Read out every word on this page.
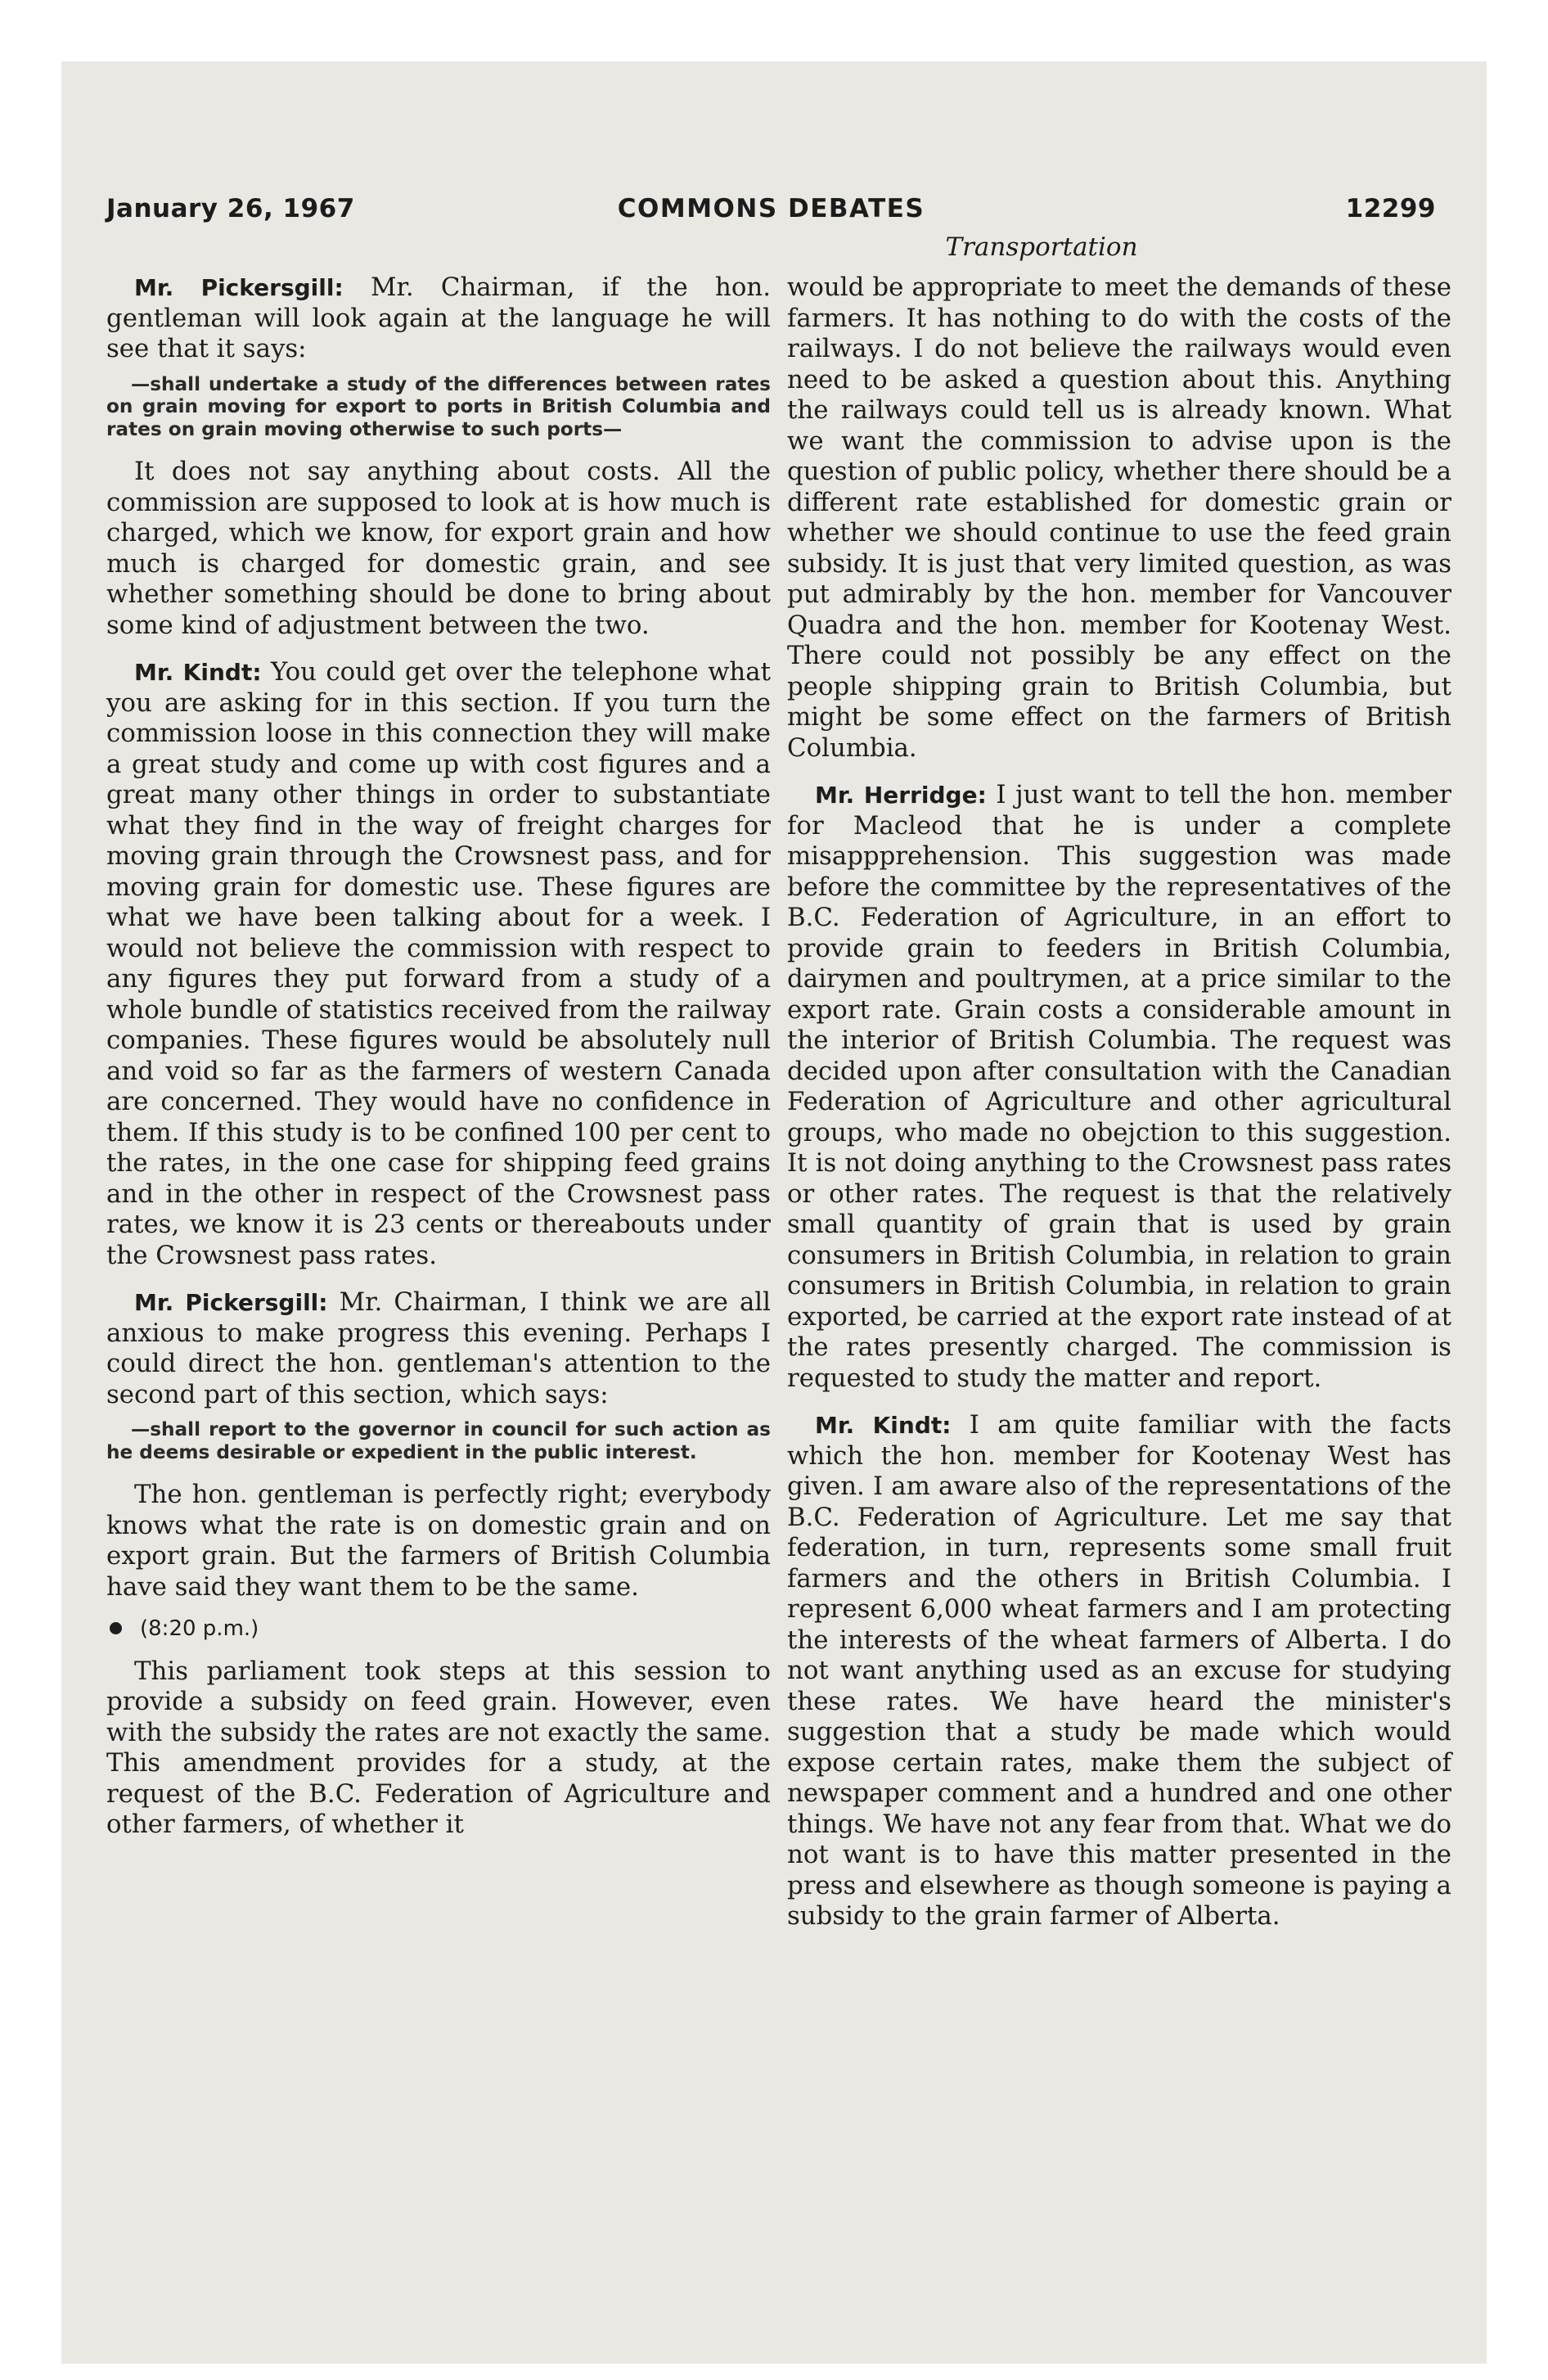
January 26, 1967	COMMONS DEBATES	12299
Transportation

Mr. Pickersgill: Mr. Chairman, if the hon. gentleman will look again at the language he will see that it says:

—shall undertake a study of the differences between rates on grain moving for export to ports in British Columbia and rates on grain moving otherwise to such ports—

It does not say anything about costs. All the commission are supposed to look at is how much is charged, which we know, for export grain and how much is charged for domestic grain, and see whether something should be done to bring about some kind of adjustment between the two.

Mr. Kindt: You could get over the telephone what you are asking for in this section. If you turn the commission loose in this connection they will make a great study and come up with cost figures and a great many other things in order to substantiate what they find in the way of freight charges for moving grain through the Crowsnest pass, and for moving grain for domestic use. These figures are what we have been talking about for a week. I would not believe the commission with respect to any figures they put forward from a study of a whole bundle of statistics received from the railway companies. These figures would be absolutely null and void so far as the farmers of western Canada are concerned. They would have no confidence in them. If this study is to be confined 100 per cent to the rates, in the one case for shipping feed grains and in the other in respect of the Crowsnest pass rates, we know it is 23 cents or thereabouts under the Crowsnest pass rates.

Mr. Pickersgill: Mr. Chairman, I think we are all anxious to make progress this evening. Perhaps I could direct the hon. gentleman's attention to the second part of this section, which says:

—shall report to the governor in council for such action as he deems desirable or expedient in the public interest.

The hon. gentleman is perfectly right; everybody knows what the rate is on domestic grain and on export grain. But the farmers of British Columbia have said they want them to be the same.

(8:20 p.m.)

This parliament took steps at this session to provide a subsidy on feed grain. However, even with the subsidy the rates are not exactly the same. This amendment provides for a study, at the request of the B.C. Federation of Agriculture and other farmers, of whether it

would be appropriate to meet the demands of these farmers. It has nothing to do with the costs of the railways. I do not believe the railways would even need to be asked a question about this. Anything the railways could tell us is already known. What we want the commission to advise upon is the question of public policy, whether there should be a different rate established for domestic grain or whether we should continue to use the feed grain subsidy. It is just that very limited question, as was put admirably by the hon. member for Vancouver Quadra and the hon. member for Kootenay West. There could not possibly be any effect on the people shipping grain to British Columbia, but might be some effect on the farmers of British Columbia.

Mr. Herridge: I just want to tell the hon. member for Macleod that he is under a complete misappprehension. This suggestion was made before the committee by the representatives of the B.C. Federation of Agriculture, in an effort to provide grain to feeders in British Columbia, dairymen and poultrymen, at a price similar to the export rate. Grain costs a considerable amount in the interior of British Columbia. The request was decided upon after consultation with the Canadian Federation of Agriculture and other agricultural groups, who made no obejction to this suggestion. It is not doing anything to the Crowsnest pass rates or other rates. The request is that the relatively small quantity of grain that is used by grain consumers in British Columbia, in relation to grain consumers in British Columbia, in relation to grain exported, be carried at the export rate instead of at the rates presently charged. The commission is requested to study the matter and report.

Mr. Kindt: I am quite familiar with the facts which the hon. member for Kootenay West has given. I am aware also of the representations of the B.C. Federation of Agriculture. Let me say that federation, in turn, represents some small fruit farmers and the others in British Columbia. I represent 6,000 wheat farmers and I am protecting the interests of the wheat farmers of Alberta. I do not want anything used as an excuse for studying these rates. We have heard the minister's suggestion that a study be made which would expose certain rates, make them the subject of newspaper comment and a hundred and one other things. We have not any fear from that. What we do not want is to have this matter presented in the press and elsewhere as though someone is paying a subsidy to the grain farmer of Alberta.
